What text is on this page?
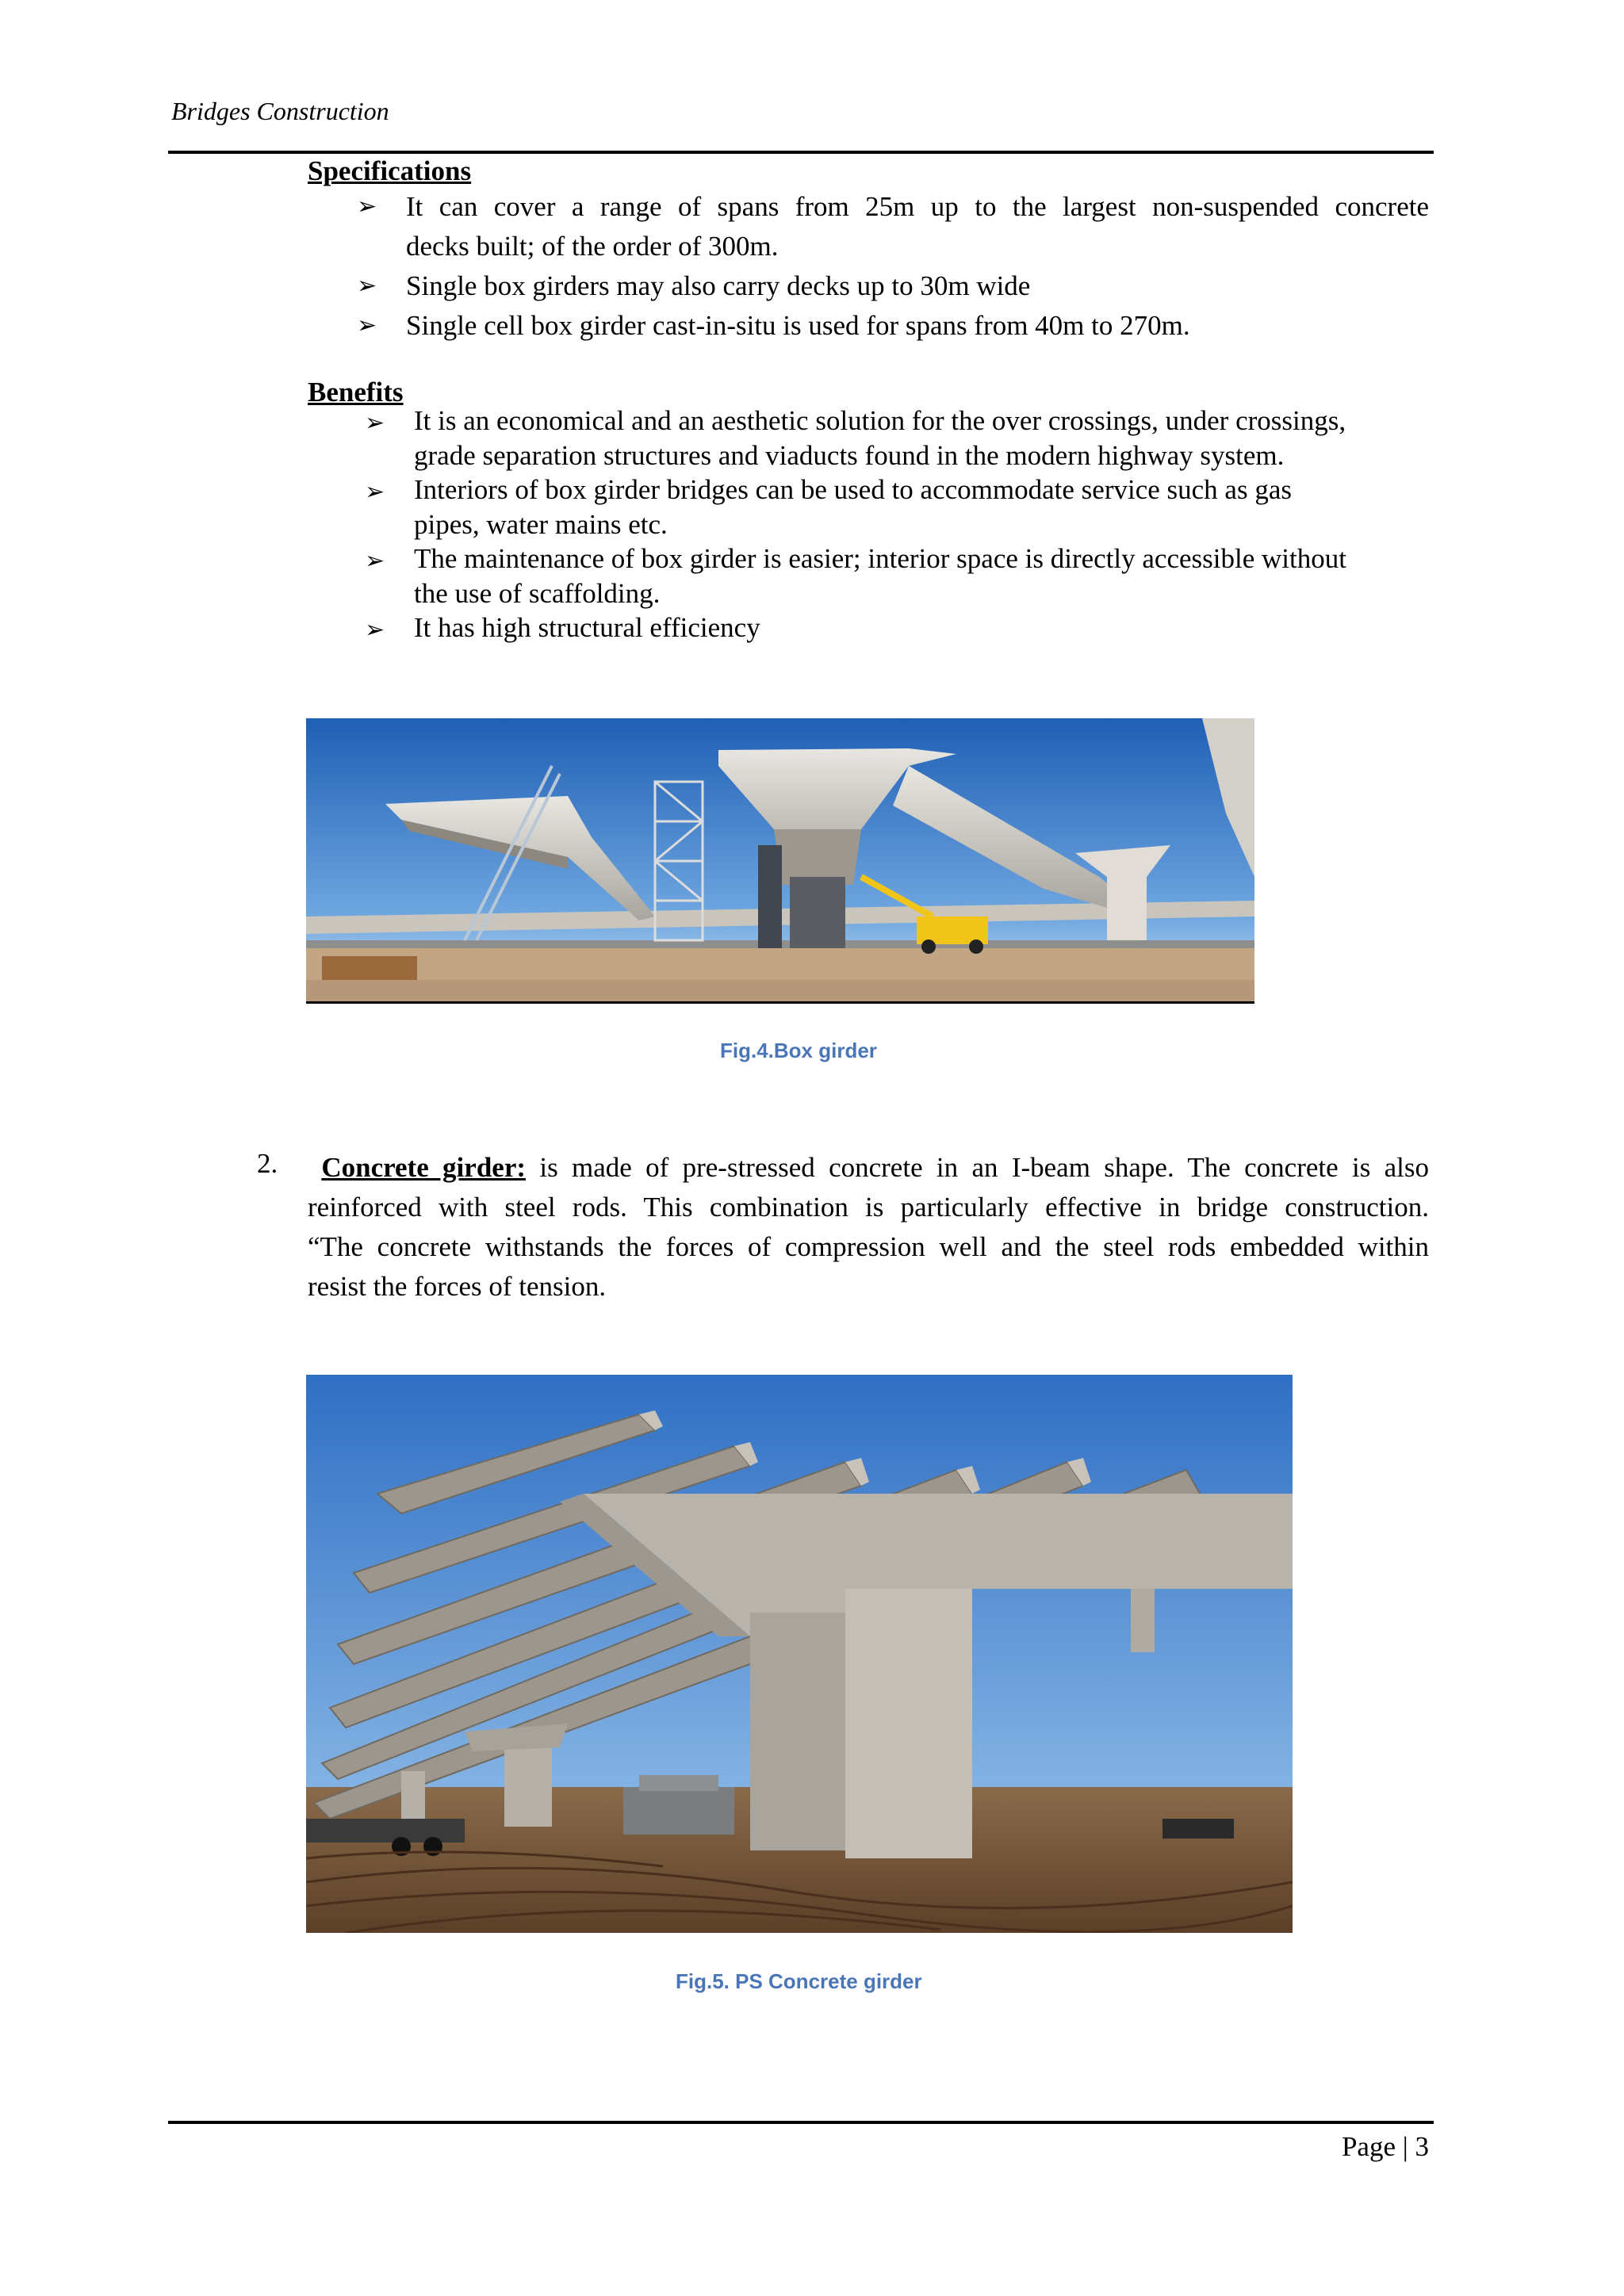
Bridges Construction
Specifications
➢ It can cover a range of spans from 25m up to the largest non-suspended concrete
decks built; of the order of 300m.
➢ Single box girders may also carry decks up to 30m wide
➢ Single cell box girder cast-in-situ is used for spans from 40m to 270m.
Benefits
➢ It is an economical and an aesthetic solution for the over crossings, under crossings,
grade separation structures and viaducts found in the modern highway system.
➢ Interiors of box girder bridges can be used to accommodate service such as gas
pipes, water mains etc.
➢ The maintenance of box girder is easier; interior space is directly accessible without
the use of scaffolding.
➢ It has high structural efficiency
Fig.4.Box girder
2.	Concrete girder: is made of pre-stressed concrete in an I-beam shape. The concrete is also
reinforced with steel rods. This combination is particularly effective in bridge construction.
“The concrete withstands the forces of compression well and the steel rods embedded within
resist the forces of tension.
Fig.5. PS Concrete girder
Page | 3
